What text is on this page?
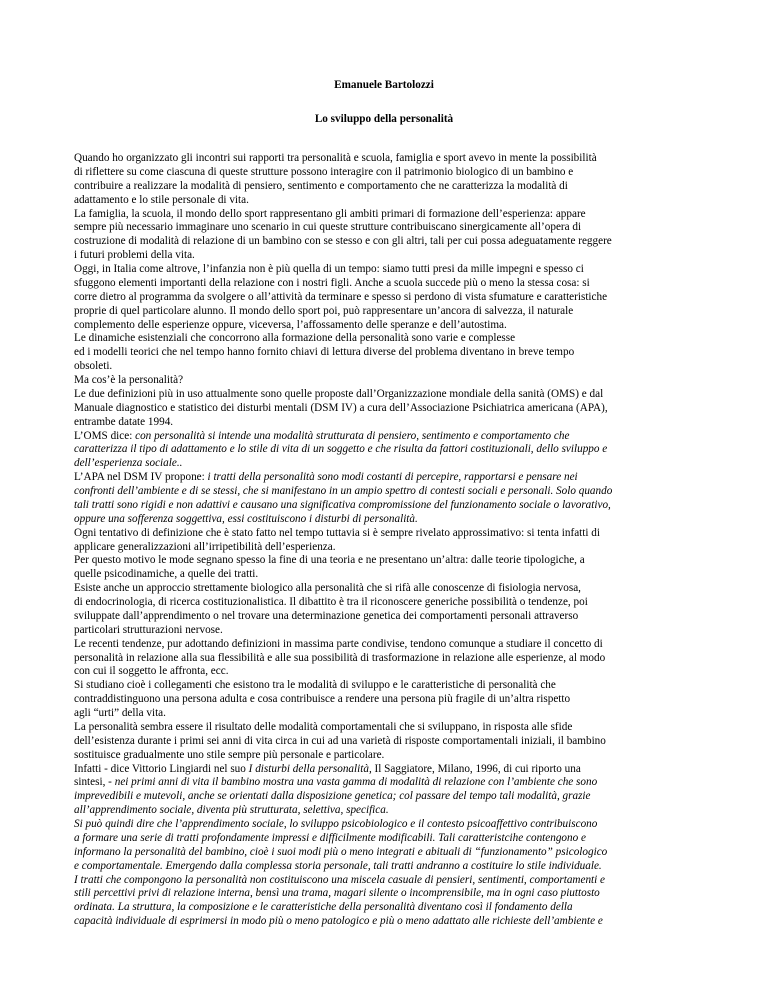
Emanuele Bartolozzi
Lo sviluppo della personalità
Quando ho organizzato gli incontri sui rapporti tra personalità e scuola, famiglia e sport avevo in mente la possibilità
di riflettere su come ciascuna di queste strutture possono interagire con il patrimonio biologico di un bambino e
contribuire a realizzare la modalità di pensiero, sentimento e comportamento che ne caratterizza la modalità di
adattamento e lo stile personale di vita.
La famiglia, la scuola, il mondo dello sport rappresentano gli ambiti primari di formazione dell’esperienza: appare
sempre più necessario immaginare uno scenario in cui queste strutture contribuiscano sinergicamente all’opera di
costruzione di modalità di relazione di un bambino con se stesso e con gli altri, tali per cui possa adeguatamente reggere
i futuri problemi della vita.
Oggi, in Italia come altrove, l’infanzia non è più quella di un tempo: siamo tutti presi da mille impegni e spesso ci
sfuggono elementi importanti della relazione con i nostri figli. Anche a scuola succede più o meno la stessa cosa: si
corre dietro al programma da svolgere o all’attività da terminare e spesso si perdono di vista sfumature e caratteristiche
proprie di quel particolare alunno. Il mondo dello sport poi, può rappresentare un’ancora di salvezza, il naturale
complemento delle esperienze oppure, viceversa, l’affossamento delle speranze e dell’autostima.
Le dinamiche esistenziali che concorrono alla formazione della personalità sono varie e complesse
ed i modelli teorici che nel tempo hanno fornito chiavi di lettura diverse del problema diventano in breve tempo
obsoleti.
Ma cos’è la personalità?
Le due definizioni più in uso attualmente sono quelle proposte dall’Organizzazione mondiale della sanità (OMS) e dal
Manuale diagnostico e statistico dei disturbi mentali (DSM IV) a cura dell’Associazione Psichiatrica americana (APA),
entrambe datate 1994.
L’OMS dice: con personalità si intende una modalità strutturata di pensiero, sentimento e comportamento che
caratterizza il tipo di adattamento e lo stile di vita di un soggetto e che risulta da fattori costituzionali, dello sviluppo e
dell’esperienza sociale..
L’APA nel DSM IV propone: i tratti della personalità sono modi costanti di percepire, rapportarsi e pensare nei
confronti dell’ambiente e di se stessi, che si manifestano in un ampio spettro di contesti sociali e personali. Solo quando
tali tratti sono rigidi e non adattivi e causano una significativa compromissione del funzionamento sociale o lavorativo,
oppure una sofferenza soggettiva, essi costituiscono i disturbi di personalità.
Ogni tentativo di definizione che è stato fatto nel tempo tuttavia si è sempre rivelato approssimativo: si tenta infatti di
applicare generalizzazioni all’irripetibilità dell’esperienza.
Per questo motivo le mode segnano spesso la fine di una teoria e ne presentano un’altra: dalle teorie tipologiche, a
quelle psicodinamiche, a quelle dei tratti.
Esiste anche un approccio strettamente biologico alla personalità che si rifà alle conoscenze di fisiologia nervosa,
di endocrinologia, di ricerca costituzionalistica. Il dibattito è tra il riconoscere generiche possibilità o tendenze, poi
sviluppate dall’apprendimento o nel trovare una determinazione genetica dei comportamenti personali attraverso
particolari strutturazioni nervose.
Le recenti tendenze, pur adottando definizioni in massima parte condivise, tendono comunque a studiare il concetto di
personalità in relazione alla sua flessibilità e alle sua possibilità di trasformazione in relazione alle esperienze, al modo
con cui il soggetto le affronta, ecc.
Si studiano cioè i collegamenti che esistono tra le modalità di sviluppo e le caratteristiche di personalità che
contraddistinguono una persona adulta e cosa contribuisce a rendere una persona più fragile di un’altra rispetto
agli “urti” della vita.
La personalità sembra essere il risultato delle modalità comportamentali che si sviluppano, in risposta alle sfide
dell’esistenza durante i primi sei anni di vita circa in cui ad una varietà di risposte comportamentali iniziali, il bambino
sostituisce gradualmente uno stile sempre più personale e particolare.
Infatti - dice Vittorio Lingiardi nel suo I disturbi della personalità, Il Saggiatore, Milano, 1996, di cui riporto una
sintesi, - nei primi anni di vita il bambino mostra una vasta gamma di modalità di relazione con l’ambiente che sono
imprevedibili e mutevoli, anche se orientati dalla disposizione genetica; col passare del tempo tali modalità, grazie
all’apprendimento sociale, diventa più strutturata, selettiva, specifica.
Si può quindi dire che l’apprendimento sociale, lo sviluppo psicobiologico e il contesto psicoaffettivo contribuiscono
a formare una serie di tratti profondamente impressi e difficilmente modificabili. Tali caratteristcihe contengono e
informano la personalità del bambino, cioè i suoi modi più o meno integrati e abituali di “funzionamento” psicologico
e comportamentale. Emergendo dalla complessa storia personale, tali tratti andranno a costituire lo stile individuale.
I tratti che compongono la personalità non costituiscono una miscela casuale di pensieri, sentimenti, comportamenti e
stili percettivi privi di relazione interna, bensì una trama, magari silente o incomprensibile, ma in ogni caso piuttosto
ordinata. La struttura, la composizione e le caratteristiche della personalità diventano così il fondamento della
capacità individuale di esprimersi in modo più o meno patologico e più o meno adattato alle richieste dell’ambiente e
